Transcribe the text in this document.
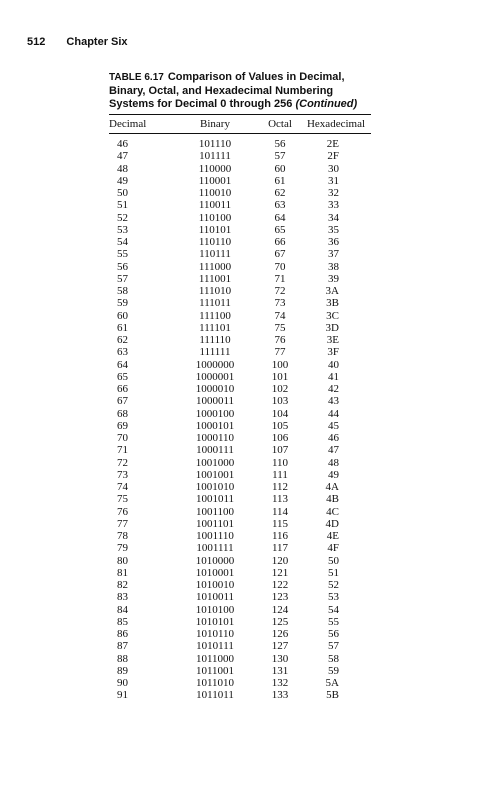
512 Chapter Six
TABLE 6.17 Comparison of Values in Decimal, Binary, Octal, and Hexadecimal Numbering Systems for Decimal 0 through 256 (Continued)
Decimal	Binary	Octal	Hexadecimal
46	101110	56	2E
47	101111	57	2F
48	110000	60	30
49	110001	61	31
50	110010	62	32
51	110011	63	33
52	110100	64	34
53	110101	65	35
54	110110	66	36
55	110111	67	37
56	111000	70	38
57	111001	71	39
58	111010	72	3A
59	111011	73	3B
60	111100	74	3C
61	111101	75	3D
62	111110	76	3E
63	111111	77	3F
64	1000000	100	40
65	1000001	101	41
66	1000010	102	42
67	1000011	103	43
68	1000100	104	44
69	1000101	105	45
70	1000110	106	46
71	1000111	107	47
72	1001000	110	48
73	1001001	111	49
74	1001010	112	4A
75	1001011	113	4B
76	1001100	114	4C
77	1001101	115	4D
78	1001110	116	4E
79	1001111	117	4F
80	1010000	120	50
81	1010001	121	51
82	1010010	122	52
83	1010011	123	53
84	1010100	124	54
85	1010101	125	55
86	1010110	126	56
87	1010111	127	57
88	1011000	130	58
89	1011001	131	59
90	1011010	132	5A
91	1011011	133	5B
